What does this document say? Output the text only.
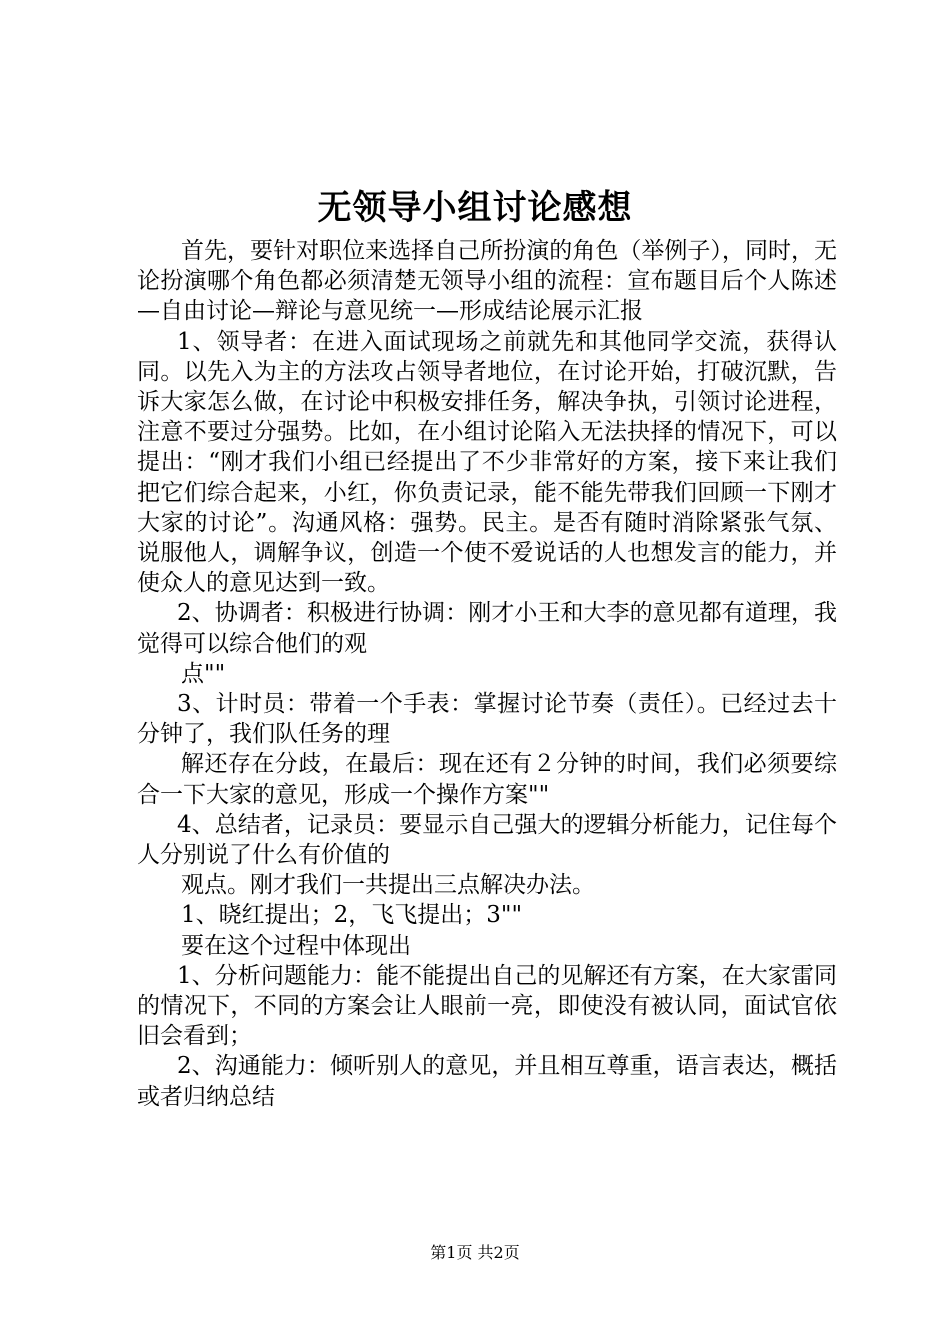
无领导小组讨论感想

首先，要针对职位来选择自己所扮演的角色（举例子），同时，无论扮演哪个角色都必须清楚无领导小组的流程：宣布题目后个人陈述—自由讨论—辩论与意见统一—形成结论展示汇报

1、领导者：在进入面试现场之前就先和其他同学交流，获得认同。以先入为主的方法攻占领导者地位，在讨论开始，打破沉默，告诉大家怎么做，在讨论中积极安排任务，解决争执，引领讨论进程，注意不要过分强势。比如，在小组讨论陷入无法抉择的情况下，可以提出：“刚才我们小组已经提出了不少非常好的方案，接下来让我们把它们综合起来，小红，你负责记录，能不能先带我们回顾一下刚才大家的讨论”。沟通风格：强势。民主。是否有随时消除紧张气氛、说服他人，调解争议，创造一个使不爱说话的人也想发言的能力，并使众人的意见达到一致。

2、协调者：积极进行协调：刚才小王和大李的意见都有道理，我觉得可以综合他们的观

点""

3、计时员：带着一个手表：掌握讨论节奏（责任）。已经过去十分钟了，我们队任务的理

解还存在分歧，在最后：现在还有２分钟的时间，我们必须要综合一下大家的意见，形成一个操作方案""

4、总结者，记录员：要显示自己强大的逻辑分析能力，记住每个人分别说了什么有价值的

观点。刚才我们一共提出三点解决办法。

1、晓红提出；2，飞飞提出；3""

要在这个过程中体现出

1、分析问题能力：能不能提出自己的见解还有方案，在大家雷同的情况下，不同的方案会让人眼前一亮，即使没有被认同，面试官依旧会看到；

2、沟通能力：倾听别人的意见，并且相互尊重，语言表达，概括或者归纳总结

第1页 共2页
